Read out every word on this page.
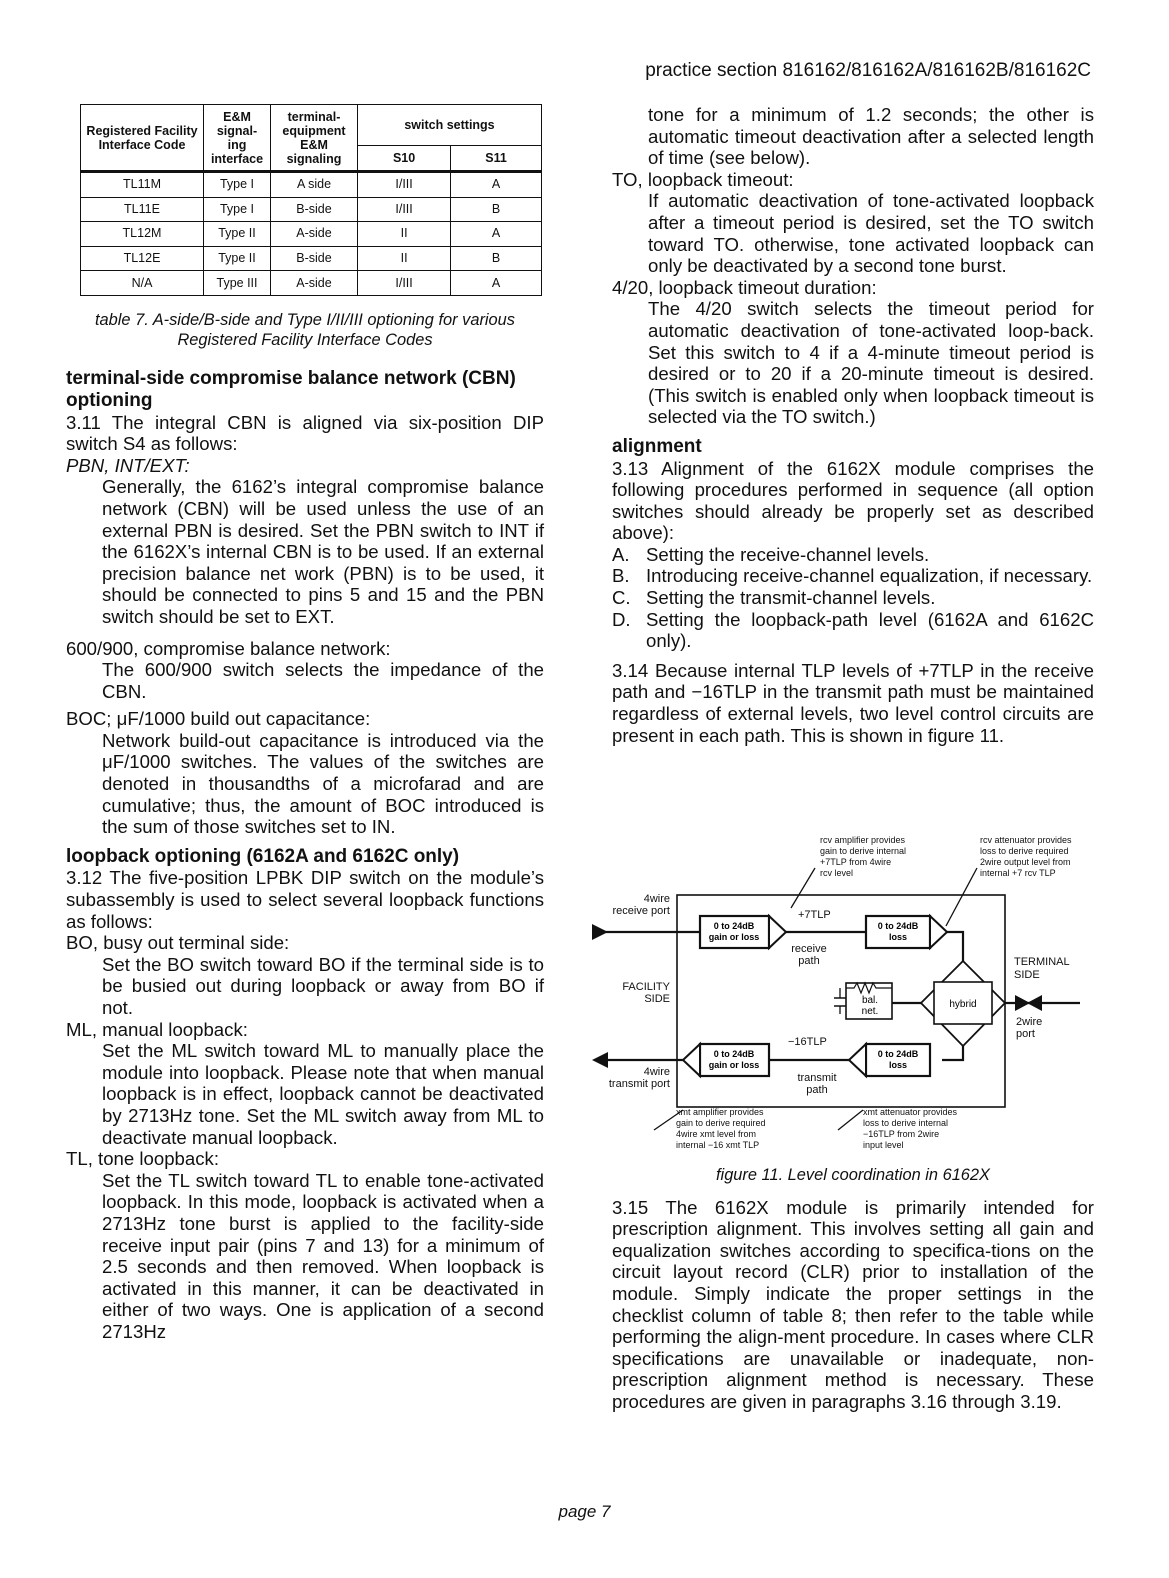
practice section 816162/816162A/816162B/816162C
Registered Facility Interface Code	E&M signal- ing interface	terminal- equipment E&M signaling	switch settings	
			S10	S11
TL11M	Type I	A side	I/III	A
TL11E	Type I	B-side	I/III	B
TL12M	Type II	A-side	II	A
TL12E	Type II	B-side	II	B
N/A	Type III	A-side	I/III	A

table 7. A-side/B-side and Type I/II/III optioning for various Registered Facility Interface Codes

terminal-side compromise balance network (CBN) optioning

3.11 The integral CBN is aligned via six-position DIP switch S4 as follows:

PBN, INT/EXT:

Generally, the 6162’s integral compromise balance network (CBN) will be used unless the use of an external PBN is desired. Set the PBN switch to INT if the 6162X’s internal CBN is to be used. If an external precision balance net work (PBN) is to be used, it should be connected to pins 5 and 15 and the PBN switch should be set to EXT.

600/900, compromise balance network:

The 600/900 switch selects the impedance of the CBN.

BOC; μF/1000 build out capacitance:

Network build-out capacitance is introduced via the μF/1000 switches. The values of the switches are denoted in thousandths of a microfarad and are cumulative; thus, the amount of BOC introduced is the sum of those switches set to IN.

loopback optioning (6162A and 6162C only)

3.12 The five-position LPBK DIP switch on the module’s subassembly is used to select several loopback functions as follows:

BO, busy out terminal side:

Set the BO switch toward BO if the terminal side is to be busied out during loopback or away from BO if not.

ML, manual loopback:

Set the ML switch toward ML to manually place the module into loopback. Please note that when manual loopback is in effect, loopback cannot be deactivated by 2713Hz tone. Set the ML switch away from ML to deactivate manual loopback.

TL, tone loopback:

Set the TL switch toward TL to enable tone-activated loopback. In this mode, loopback is activated when a 2713Hz tone burst is applied to the facility-side receive input pair (pins 7 and 13) for a minimum of 2.5 seconds and then removed. When loopback is activated in this manner, it can be deactivated in either of two ways. One is application of a second 2713Hz

tone for a minimum of 1.2 seconds; the other is automatic timeout deactivation after a selected length of time (see below).

TO, loopback timeout:

If automatic deactivation of tone-activated loopback after a timeout period is desired, set the TO switch toward TO. otherwise, tone activated loopback can only be deactivated by a second tone burst.

4/20, loopback timeout duration:

The 4/20 switch selects the timeout period for automatic deactivation of tone-activated loop-back. Set this switch to 4 if a 4-minute timeout period is desired or to 20 if a 20-minute timeout is desired. (This switch is enabled only when loopback timeout is selected via the TO switch.)

alignment

3.13 Alignment of the 6162X module comprises the following procedures performed in sequence (all option switches should already be properly set as described above):

A. Setting the receive-channel levels.
B. Introducing receive-channel equalization, if necessary.
C. Setting the transmit-channel levels.
D. Setting the loopback-path level (6162A and 6162C only).

3.14 Because internal TLP levels of +7TLP in the receive path and −16TLP in the transmit path must be maintained regardless of external levels, two level control circuits are present in each path. This is shown in figure 11.

rcv amplifier provides
gain to derive internal
+7TLP from 4wire
rcv level
rcv attenuator provides
loss to derive required
2wire output level from
internal +7 rcv TLP
xmt amplifier provides
gain to derive required
4wire xmt level from
internal −16 xmt TLP
xmt attenuator provides
loss to derive internal
−16TLP from 2wire
input level
0 to 24dB
gain or loss
0 to 24dB
loss
0 to 24dB
gain or loss
0 to 24dB
loss
hybrid
bal.
net.
+7TLP
−16TLP
receive
path
transmit
path
4wire
receive port
FACILITY
SIDE
4wire
transmit port
TERMINAL
SIDE
2wire
port

figure 11. Level coordination in 6162X

3.15 The 6162X module is primarily intended for prescription alignment. This involves setting all gain and equalization switches according to specifica-tions on the circuit layout record (CLR) prior to installation of the module. Simply indicate the proper settings in the checklist column of table 8; then refer to the table while performing the align-ment procedure. In cases where CLR specifications are unavailable or inadequate, non-prescription alignment method is necessary. These procedures are given in paragraphs 3.16 through 3.19.

page 7
